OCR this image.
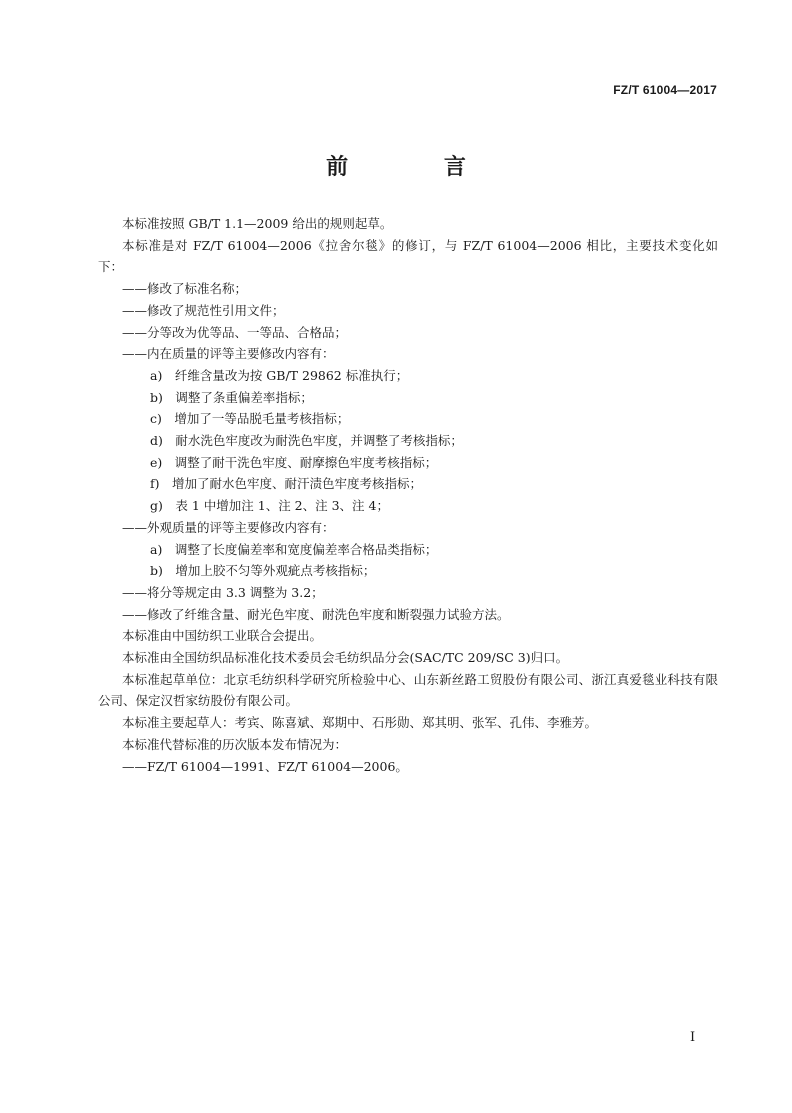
FZ/T 61004—2017
前 言

本标准按照 GB/T 1.1—2009 给出的规则起草。

本标准是对 FZ/T 61004—2006《拉舍尔毯》的修订，与 FZ/T 61004—2006 相比，主要技术变化如下：

——修改了标准名称；

——修改了规范性引用文件；

——分等改为优等品、一等品、合格品；

——内在质量的评等主要修改内容有：

a)　纤维含量改为按 GB/T 29862 标准执行；

b)　调整了条重偏差率指标；

c)　增加了一等品脱毛量考核指标；

d)　耐水洗色牢度改为耐洗色牢度，并调整了考核指标；

e)　调整了耐干洗色牢度、耐摩擦色牢度考核指标；

f)　增加了耐水色牢度、耐汗渍色牢度考核指标；

g)　表 1 中增加注 1、注 2、注 3、注 4；

——外观质量的评等主要修改内容有：

a)　调整了长度偏差率和宽度偏差率合格品类指标；

b)　增加上胶不匀等外观疵点考核指标；

——将分等规定由 3.3 调整为 3.2；

——修改了纤维含量、耐光色牢度、耐洗色牢度和断裂强力试验方法。

本标准由中国纺织工业联合会提出。

本标准由全国纺织品标准化技术委员会毛纺织品分会(SAC/TC 209/SC 3)归口。

本标准起草单位：北京毛纺织科学研究所检验中心、山东新丝路工贸股份有限公司、浙江真爱毯业科技有限公司、保定汉哲家纺股份有限公司。

本标准主要起草人：考宾、陈喜斌、郑期中、石彤勋、郑其明、张军、孔伟、李雅芳。

本标准代替标准的历次版本发布情况为：

——FZ/T 61004—1991、FZ/T 61004—2006。

I
